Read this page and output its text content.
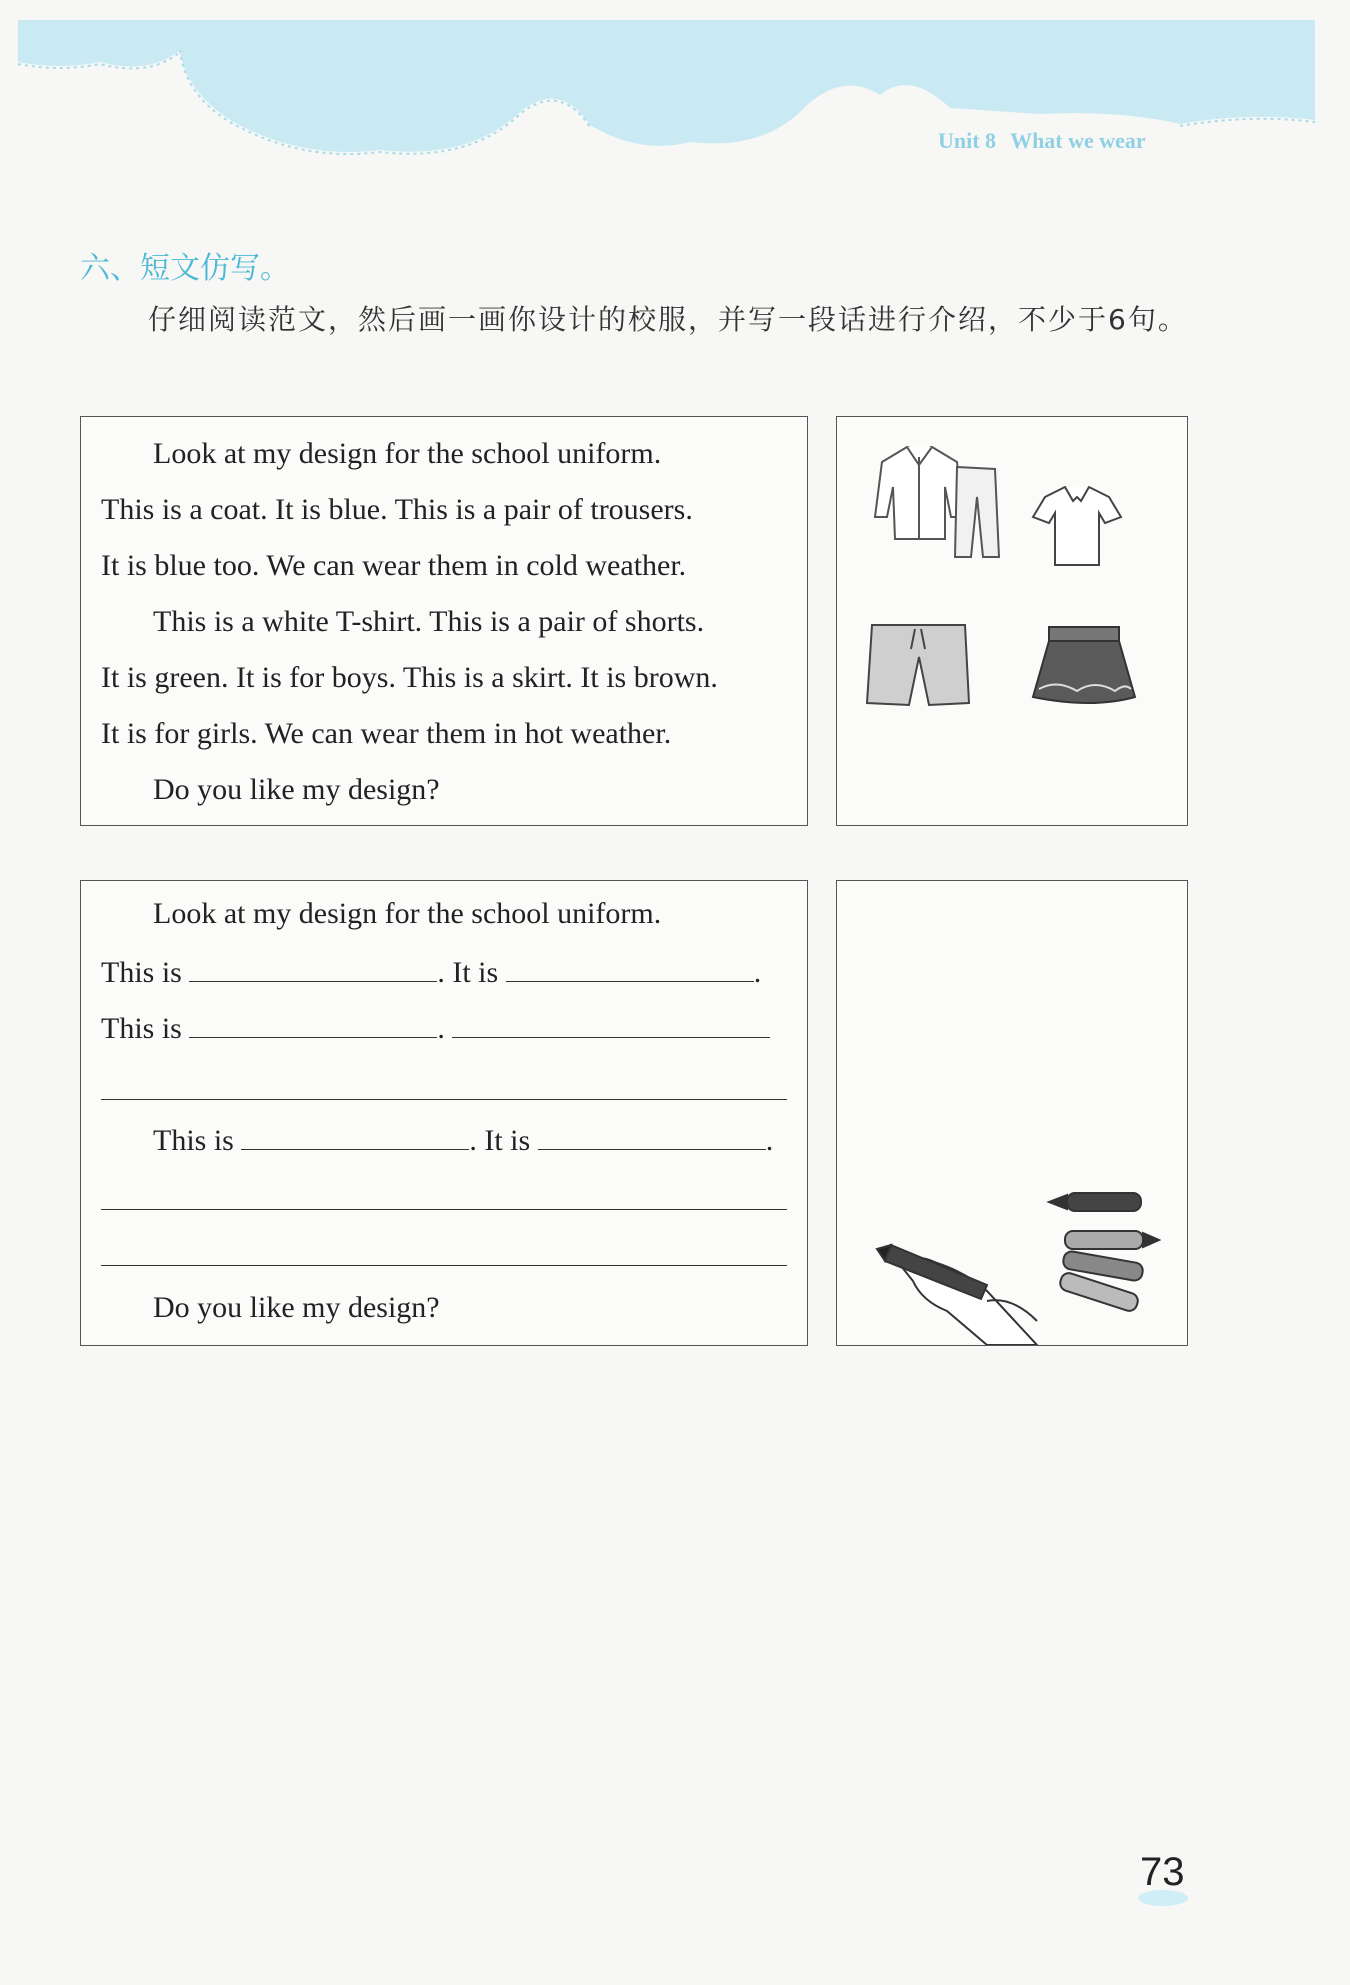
Unit 8 What we wear
六、短文仿写。
仔细阅读范文，然后画一画你设计的校服，并写一段话进行介绍，不少于6句。
Look at my design for the school uniform.
This is a coat. It is blue. This is a pair of trousers.
It is blue too. We can wear them in cold weather.
This is a white T-shirt. This is a pair of shorts.
It is green. It is for boys. This is a skirt. It is brown.
It is for girls. We can wear them in hot weather.
Do you like my design?
Look at my design for the school uniform.
This is	. It is	.
This is	.
This is	. It is	.
Do you like my design?
73
